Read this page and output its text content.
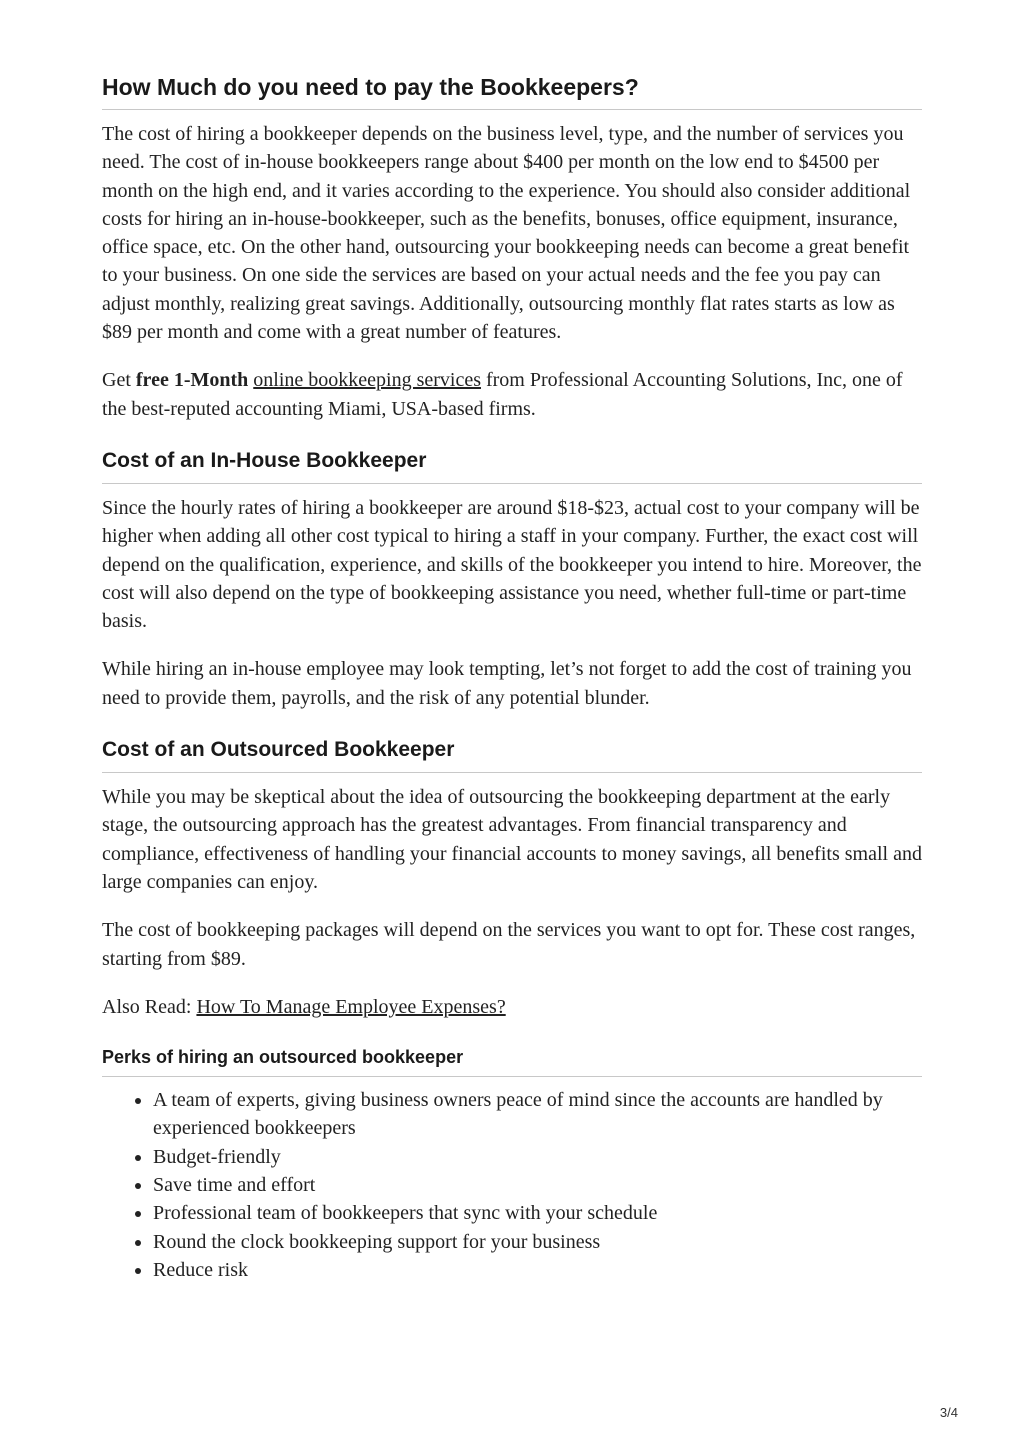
How Much do you need to pay the Bookkeepers?

The cost of hiring a bookkeeper depends on the business level, type, and the number of services you need. The cost of in-house bookkeepers range about $400 per month on the low end to $4500 per month on the high end, and it varies according to the experience. You should also consider additional costs for hiring an in-house-bookkeeper, such as the benefits, bonuses, office equipment, insurance, office space, etc. On the other hand, outsourcing your bookkeeping needs can become a great benefit to your business. On one side the services are based on your actual needs and the fee you pay can adjust monthly, realizing great savings. Additionally, outsourcing monthly flat rates starts as low as $89 per month and come with a great number of features.

Get free 1-Month online bookkeeping services from Professional Accounting Solutions, Inc, one of the best-reputed accounting Miami, USA-based firms.

Cost of an In-House Bookkeeper

Since the hourly rates of hiring a bookkeeper are around $18-$23, actual cost to your company will be higher when adding all other cost typical to hiring a staff in your company. Further, the exact cost will depend on the qualification, experience, and skills of the bookkeeper you intend to hire. Moreover, the cost will also depend on the type of bookkeeping assistance you need, whether full-time or part-time basis.

While hiring an in-house employee may look tempting, let’s not forget to add the cost of training you need to provide them, payrolls, and the risk of any potential blunder.

Cost of an Outsourced Bookkeeper

While you may be skeptical about the idea of outsourcing the bookkeeping department at the early stage, the outsourcing approach has the greatest advantages. From financial transparency and compliance, effectiveness of handling your financial accounts to money savings, all benefits small and large companies can enjoy.

The cost of bookkeeping packages will depend on the services you want to opt for. These cost ranges, starting from $89.

Also Read: How To Manage Employee Expenses?

Perks of hiring an outsourced bookkeeper
• A team of experts, giving business owners peace of mind since the accounts are handled by experienced bookkeepers
• Budget-friendly
• Save time and effort
• Professional team of bookkeepers that sync with your schedule
• Round the clock bookkeeping support for your business
• Reduce risk
3/4
